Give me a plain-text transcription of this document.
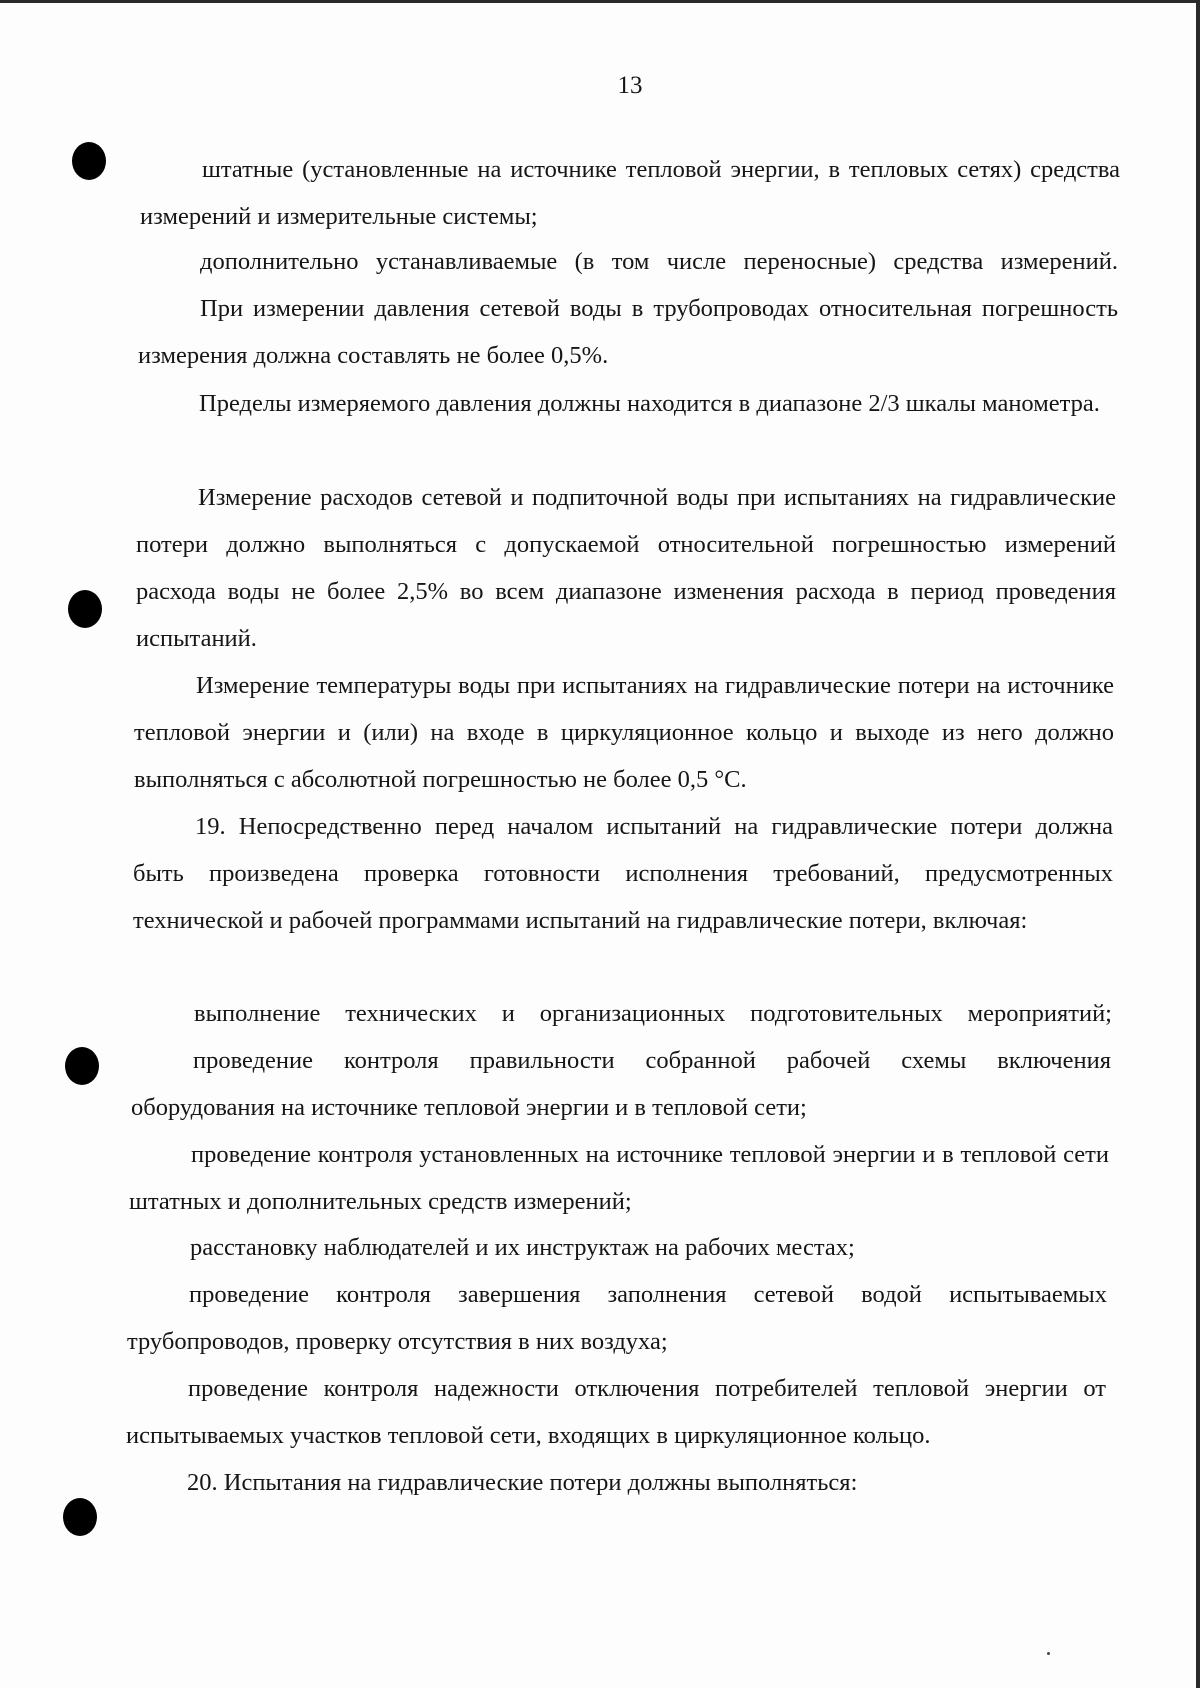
13

штатные (установленные на источнике тепловой энергии, в тепловых сетях) средства измерений и измерительные системы;

дополнительно устанавливаемые (в том числе переносные) средства измерений.

При измерении давления сетевой воды в трубопроводах относительная погрешность измерения должна составлять не более 0,5%.

Пределы измеряемого давления должны находится в диапазоне 2/3 шкалы манометра.

Измерение расходов сетевой и подпиточной воды при испытаниях на гидравлические потери должно выполняться с допускаемой относительной погрешностью измерений расхода воды не более 2,5% во всем диапазоне изменения расхода в период проведения испытаний.

Измерение температуры воды при испытаниях на гидравлические потери на источнике тепловой энергии и (или) на входе в циркуляционное кольцо и выходе из него должно выполняться с абсолютной погрешностью не более 0,5 °С.

19. Непосредственно перед началом испытаний на гидравлические потери должна быть произведена проверка готовности исполнения требований, предусмотренных технической и рабочей программами испытаний на гидравлические потери, включая:

выполнение технических и организационных подготовительных мероприятий;

проведение контроля правильности собранной рабочей схемы включения оборудования на источнике тепловой энергии и в тепловой сети;

проведение контроля установленных на источнике тепловой энергии и в тепловой сети штатных и дополнительных средств измерений;

расстановку наблюдателей и их инструктаж на рабочих местах;

проведение контроля завершения заполнения сетевой водой испытываемых трубопроводов, проверку отсутствия в них воздуха;

проведение контроля надежности отключения потребителей тепловой энергии от испытываемых участков тепловой сети, входящих в циркуляционное кольцо.

20. Испытания на гидравлические потери должны выполняться:
